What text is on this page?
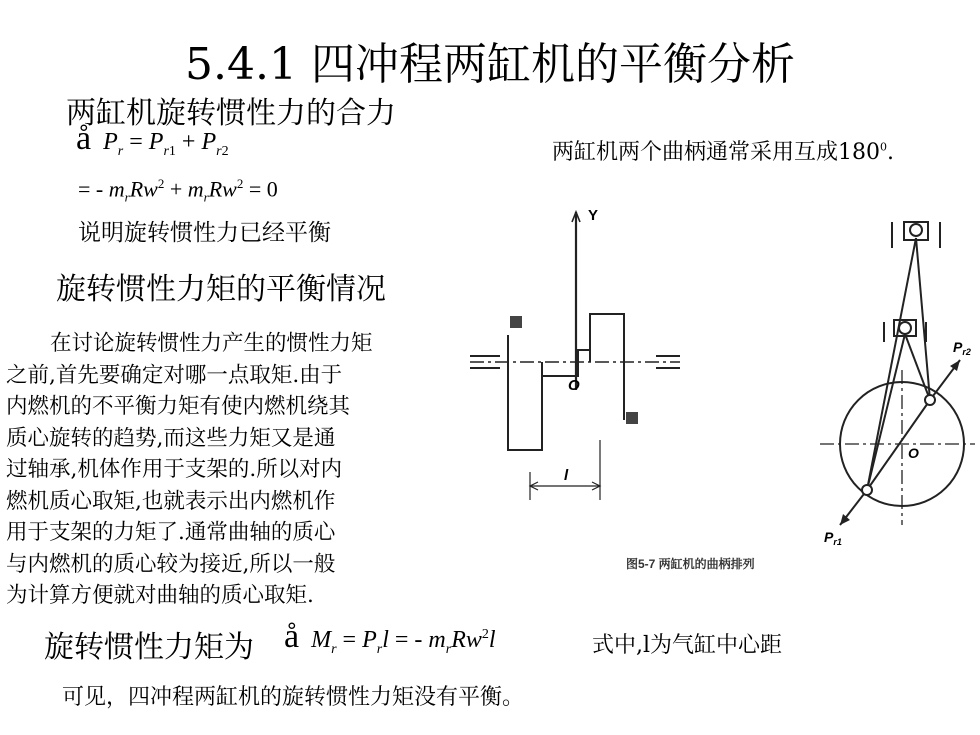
5.4.1 四冲程两缸机的平衡分析
两缸机旋转惯性力的合力
å $P_r = P_{r1} + P_{r2}$	两缸机两个曲柄通常采用互成$180^0$.
= - $m_rRw^2 + m_rRw^2 = 0$
说明旋转惯性力已经平衡
旋转惯性力矩的平衡情况

在讨论旋转惯性力产生的惯性力矩

之前,首先要确定对哪一点取矩.由于

内燃机的不平衡力矩有使内燃机绕其

质心旋转的趋势,而这些力矩又是通

过轴承,机体作用于支架的.所以对内

燃机质心取矩,也就表示出内燃机作

用于支架的力矩了.通常曲轴的质心

与内燃机的质心较为接近,所以一般

为计算方便就对曲轴的质心取矩.

旋转惯性力矩为 å $M_r = P_rl$ = - $m_rRw^2l$	式中,l为气缸中心距
可见，四冲程两缸机的旋转惯性力矩没有平衡。
Y
O
l
O
$P_{r2}$
$P_{r1}$
图5-7 两缸机的曲柄排列
